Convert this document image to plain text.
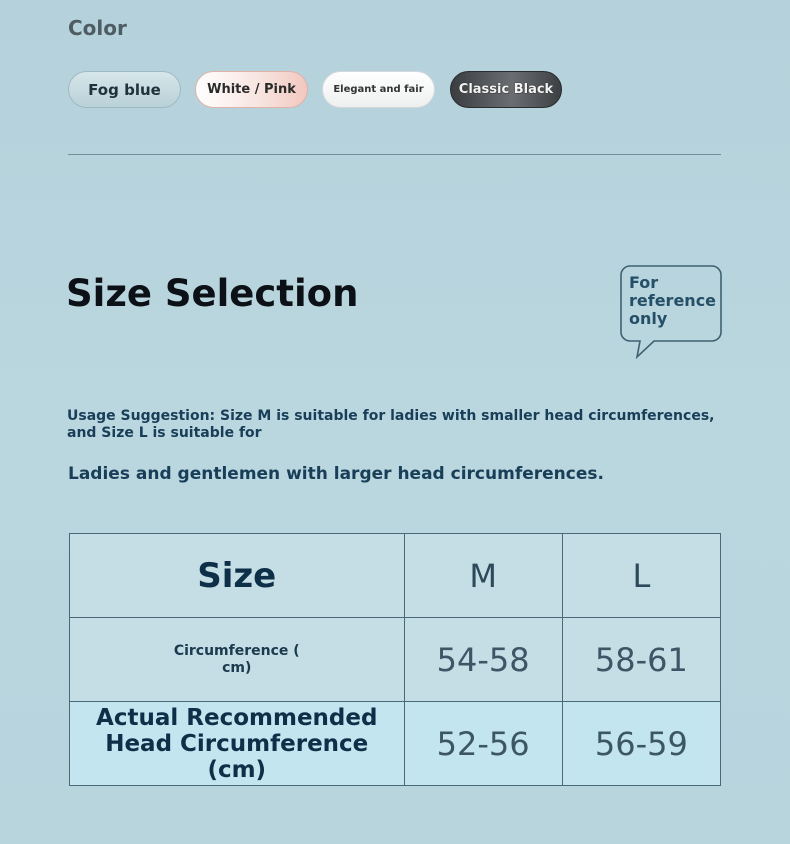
Color
Fog blue	White / Pink	Elegant and fair	Classic Black
Size Selection	For reference only
Usage Suggestion: Size M is suitable for ladies with smaller head circumferences, and Size L is suitable for
Ladies and gentlemen with larger head circumferences.
Size	M	L

Circumference ( cm)	54-58	58-61

Actual Recommended Head Circumference (cm)	52-56	56-59
